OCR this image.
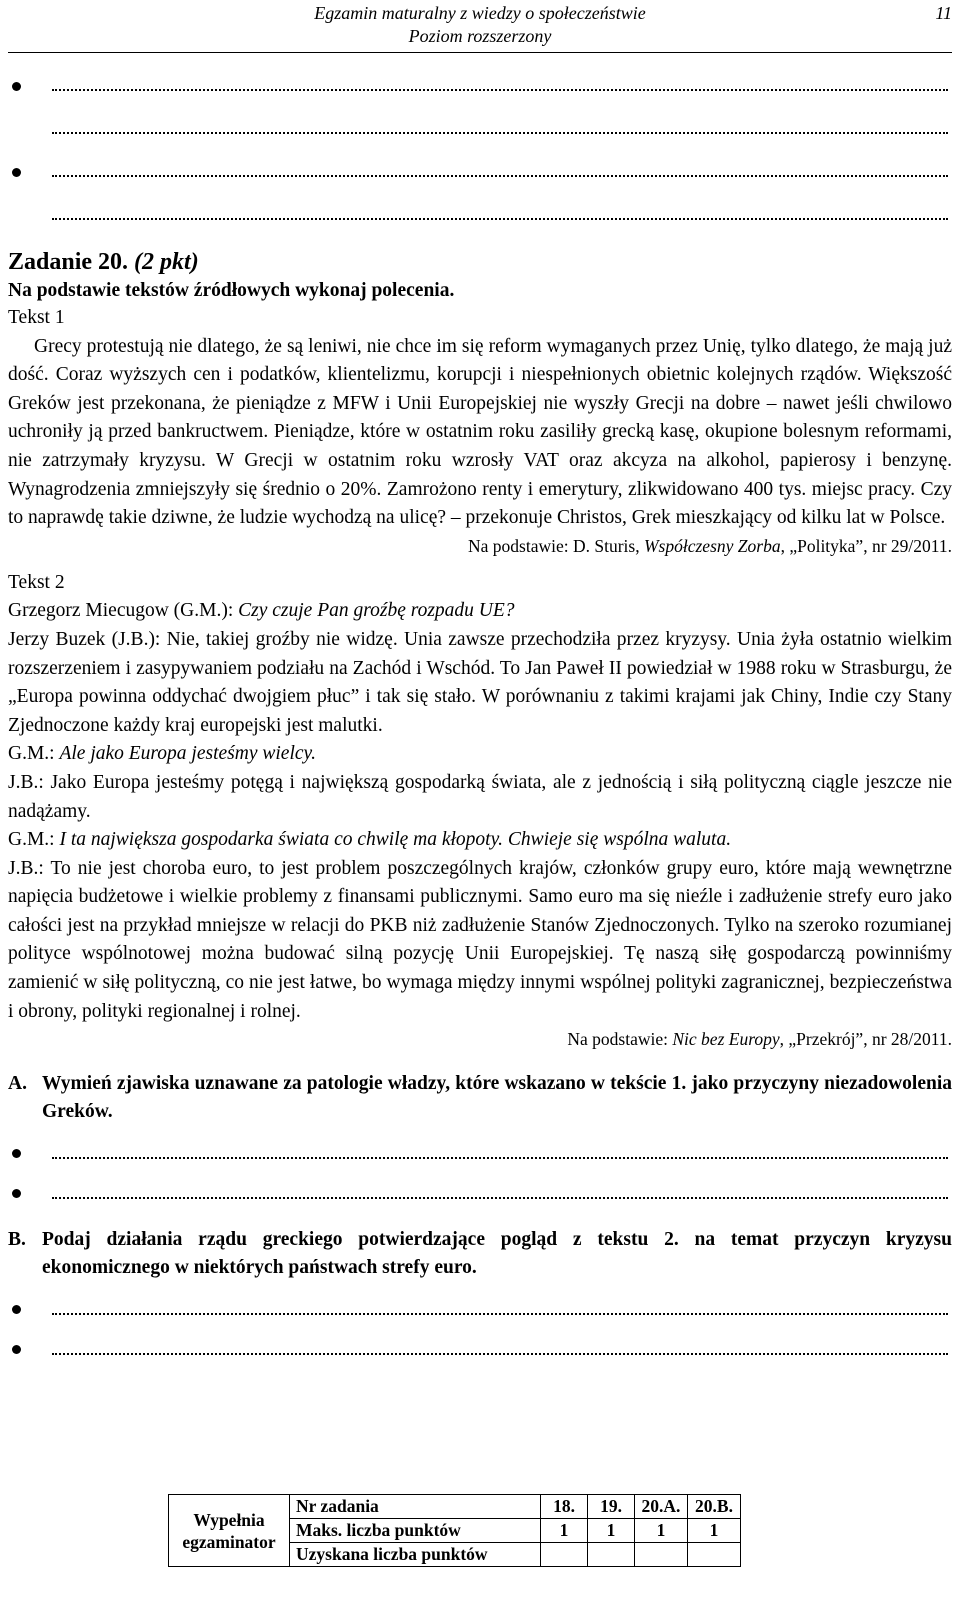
Egzamin maturalny z wiedzy o społeczeństwie
Poziom rozszerzony
11
Zadanie 20. (2 pkt)
Na podstawie tekstów źródłowych wykonaj polecenia.

Tekst 1

Grecy protestują nie dlatego, że są leniwi, nie chce im się reform wymaganych przez Unię, tylko dlatego, że mają już dość. Coraz wyższych cen i podatków, klientelizmu, korupcji i niespełnionych obietnic kolejnych rządów. Większość Greków jest przekonana, że pieniądze z MFW i Unii Europejskiej nie wyszły Grecji na dobre – nawet jeśli chwilowo uchroniły ją przed bankructwem. Pieniądze, które w ostatnim roku zasiliły grecką kasę, okupione bolesnym reformami, nie zatrzymały kryzysu. W Grecji w ostatnim roku wzrosły VAT oraz akcyza na alkohol, papierosy i benzynę. Wynagrodzenia zmniejszyły się średnio o 20%. Zamrożono renty i emerytury, zlikwidowano 400 tys. miejsc pracy. Czy to naprawdę takie dziwne, że ludzie wychodzą na ulicę? – przekonuje Christos, Grek mieszkający od kilku lat w Polsce.

Na podstawie: D. Sturis, Współczesny Zorba, „Polityka”, nr 29/2011.

Tekst 2

Grzegorz Miecugow (G.M.): Czy czuje Pan groźbę rozpadu UE?

Jerzy Buzek (J.B.): Nie, takiej groźby nie widzę. Unia zawsze przechodziła przez kryzysy. Unia żyła ostatnio wielkim rozszerzeniem i zasypywaniem podziału na Zachód i Wschód. To Jan Paweł II powiedział w 1988 roku w Strasburgu, że „Europa powinna oddychać dwojgiem płuc” i tak się stało. W porównaniu z takimi krajami jak Chiny, Indie czy Stany Zjednoczone każdy kraj europejski jest malutki.

G.M.: Ale jako Europa jesteśmy wielcy.

J.B.: Jako Europa jesteśmy potęgą i największą gospodarką świata, ale z jednością i siłą polityczną ciągle jeszcze nie nadążamy.

G.M.: I ta największa gospodarka świata co chwilę ma kłopoty. Chwieje się wspólna waluta.

J.B.: To nie jest choroba euro, to jest problem poszczególnych krajów, członków grupy euro, które mają wewnętrzne napięcia budżetowe i wielkie problemy z finansami publicznymi. Samo euro ma się nieźle i zadłużenie strefy euro jako całości jest na przykład mniejsze w relacji do PKB niż zadłużenie Stanów Zjednoczonych. Tylko na szeroko rozumianej polityce wspólnotowej można budować silną pozycję Unii Europejskiej. Tę naszą siłę gospodarczą powinniśmy zamienić w siłę polityczną, co nie jest łatwe, bo wymaga między innymi wspólnej polityki zagranicznej, bezpieczeństwa i obrony, polityki regionalnej i rolnej.

Na podstawie: Nic bez Europy, „Przekrój”, nr 28/2011.
A. Wymień zjawiska uznawane za patologie władzy, które wskazano w tekście 1. jako przyczyny niezadowolenia Greków.
B. Podaj działania rządu greckiego potwierdzające pogląd z tekstu 2. na temat przyczyn kryzysu ekonomicznego w niektórych państwach strefy euro.
Wypełnia egzaminator	Nr zadania	18.	19.	20.A.	20.B.
	Maks. liczba punktów	1	1	1	1
	Uzyskana liczba punktów				
